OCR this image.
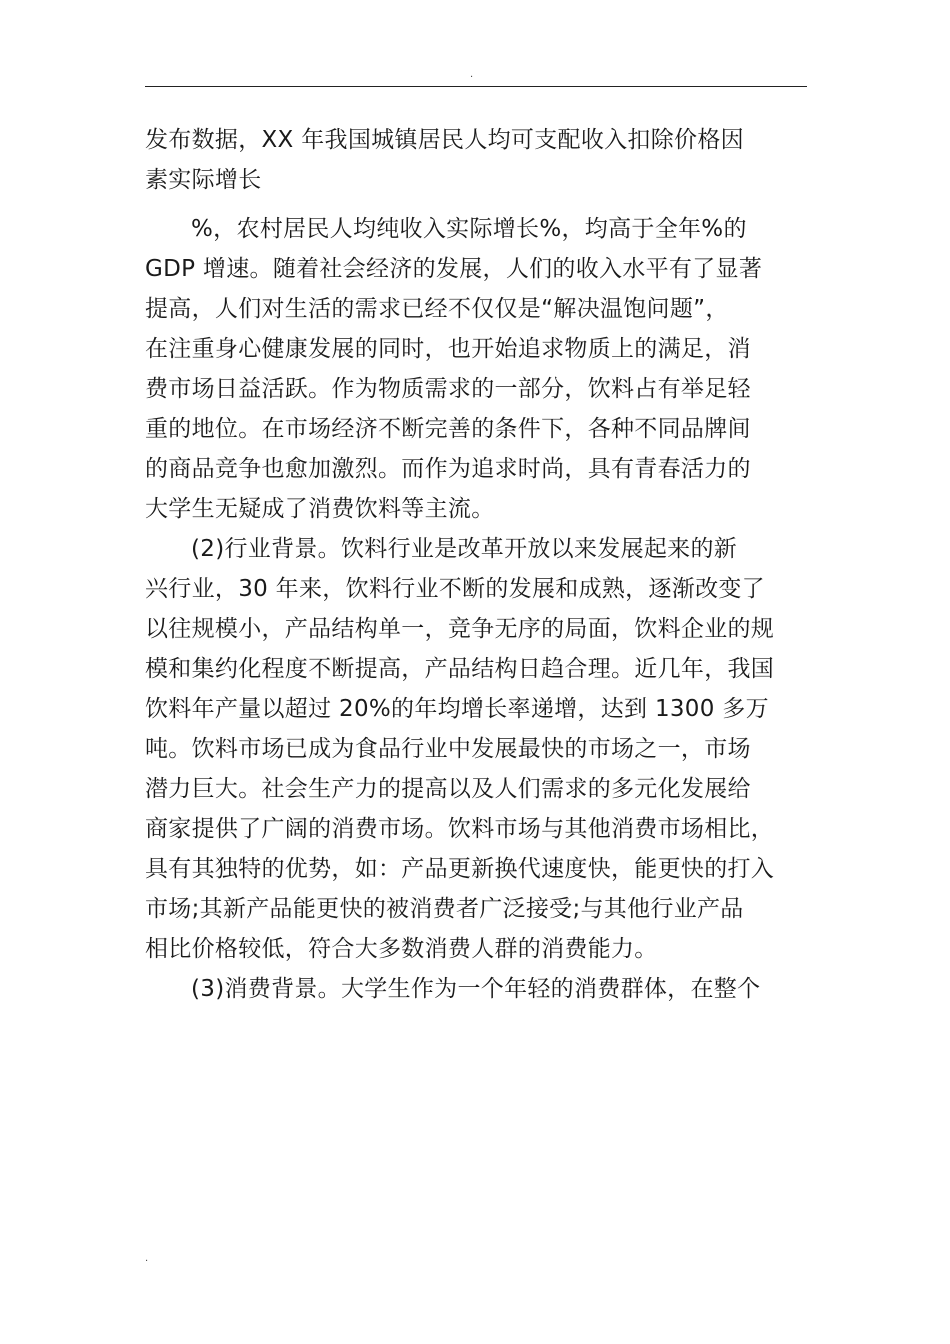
.
发布数据，XX 年我国城镇居民人均可支配收入扣除价格因
素实际增长
%，农村居民人均纯收入实际增长%，均高于全年%的
GDP 增速。随着社会经济的发展，人们的收入水平有了显著
提高，人们对生活的需求已经不仅仅是“解决温饱问题”，
在注重身心健康发展的同时，也开始追求物质上的满足，消
费市场日益活跃。作为物质需求的一部分，饮料占有举足轻
重的地位。在市场经济不断完善的条件下，各种不同品牌间
的商品竞争也愈加激烈。而作为追求时尚，具有青春活力的
大学生无疑成了消费饮料等主流。
(2)行业背景。饮料行业是改革开放以来发展起来的新
兴行业，30 年来，饮料行业不断的发展和成熟，逐渐改变了
以往规模小，产品结构单一，竞争无序的局面，饮料企业的规
模和集约化程度不断提高，产品结构日趋合理。近几年，我国
饮料年产量以超过 20%的年均增长率递增，达到 1300 多万
吨。饮料市场已成为食品行业中发展最快的市场之一，市场
潜力巨大。社会生产力的提高以及人们需求的多元化发展给
商家提供了广阔的消费市场。饮料市场与其他消费市场相比，
具有其独特的优势，如：产品更新换代速度快，能更快的打入
市场;其新产品能更快的被消费者广泛接受;与其他行业产品
相比价格较低，符合大多数消费人群的消费能力。
(3)消费背景。大学生作为一个年轻的消费群体，在整个
.
